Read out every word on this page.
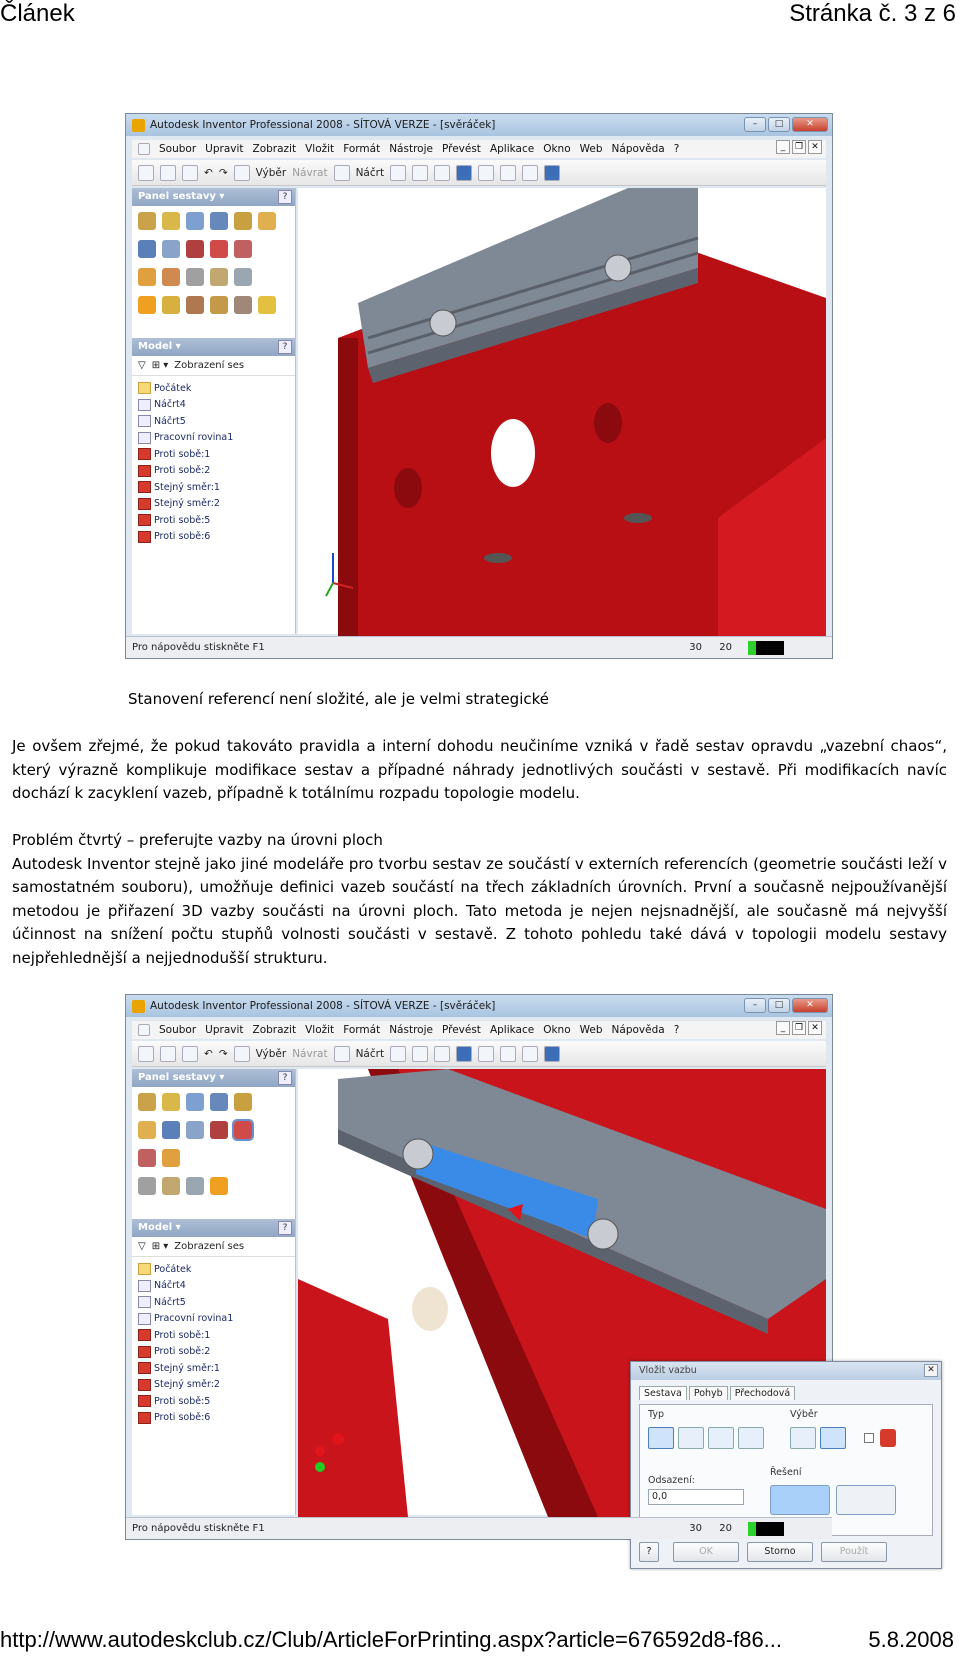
Článek	Stránka č. 3 z 6
Autodesk Inventor Professional 2008 - SÍTOVÁ VERZE - [svěráček]	–	□	✕
Soubor Upravit Zobrazit Vložit Formát Nástroje Převést Aplikace Okno Web Nápověda ?	_	❐ ✕
↶ ↷	Výběr Návrat	Náčrt
Panel sestavy ▾	?
Model ▾	?
▽ ⊞ ▾ Zobrazení ses
Počátek
Náčrt4
Náčrt5
Pracovní rovina1
Proti sobě:1
Proti sobě:2
Stejný směr:1
Stejný směr:2
Proti sobě:5
Proti sobě:6
Pro nápovědu stiskněte F1	30 20
Stanovení referencí není složité, ale je velmi strategické

Je ovšem zřejmé, že pokud takováto pravidla a interní dohodu neučiníme vzniká v řadě sestav opravdu „vazební chaos“, který výrazně komplikuje modifikace sestav a případné náhrady jednotlivých součásti v sestavě. Při modifikacích navíc dochází k zacyklení vazeb, případně k totálnímu rozpadu topologie modelu.

Problém čtvrtý – preferujte vazby na úrovni ploch

Autodesk Inventor stejně jako jiné modeláře pro tvorbu sestav ze součástí v externích referencích (geometrie součásti leží v samostatném souboru), umožňuje definici vazeb součástí na třech základních úrovních. První a současně nejpoužívanější metodou je přiřazení 3D vazby součásti na úrovni ploch. Tato metoda je nejen nejsnadnější, ale současně má nejvyšší účinnost na snížení počtu stupňů volnosti součásti v sestavě. Z tohoto pohledu také dává v topologii modelu sestavy nejpřehlednější a nejjednodušší strukturu.

Autodesk Inventor Professional 2008 - SÍTOVÁ VERZE - [svěráček]	–	□	✕
Soubor Upravit Zobrazit Vložit Formát Nástroje Převést Aplikace Okno Web Nápověda ?	_	❐ ✕
↶ ↷	Výběr Návrat	Náčrt
Panel sestavy ▾	?
Model ▾	?
▽ ⊞ ▾ Zobrazení ses
Počátek
Náčrt4
Náčrt5
Pracovní rovina1
Proti sobě:1
Proti sobě:2
Stejný směr:1
Stejný směr:2
Proti sobě:5
Proti sobě:6
Vložit vazbu	✕
Sestava	Pohyb	Přechodová
Typ	Výběr
Odsazení:
0,0
Řešení
?	OK	Storno	Použít
Pro nápovědu stiskněte F1	30 20
http://www.autodeskclub.cz/Club/ArticleForPrinting.aspx?article=676592d8-f86...	5.8.2008
